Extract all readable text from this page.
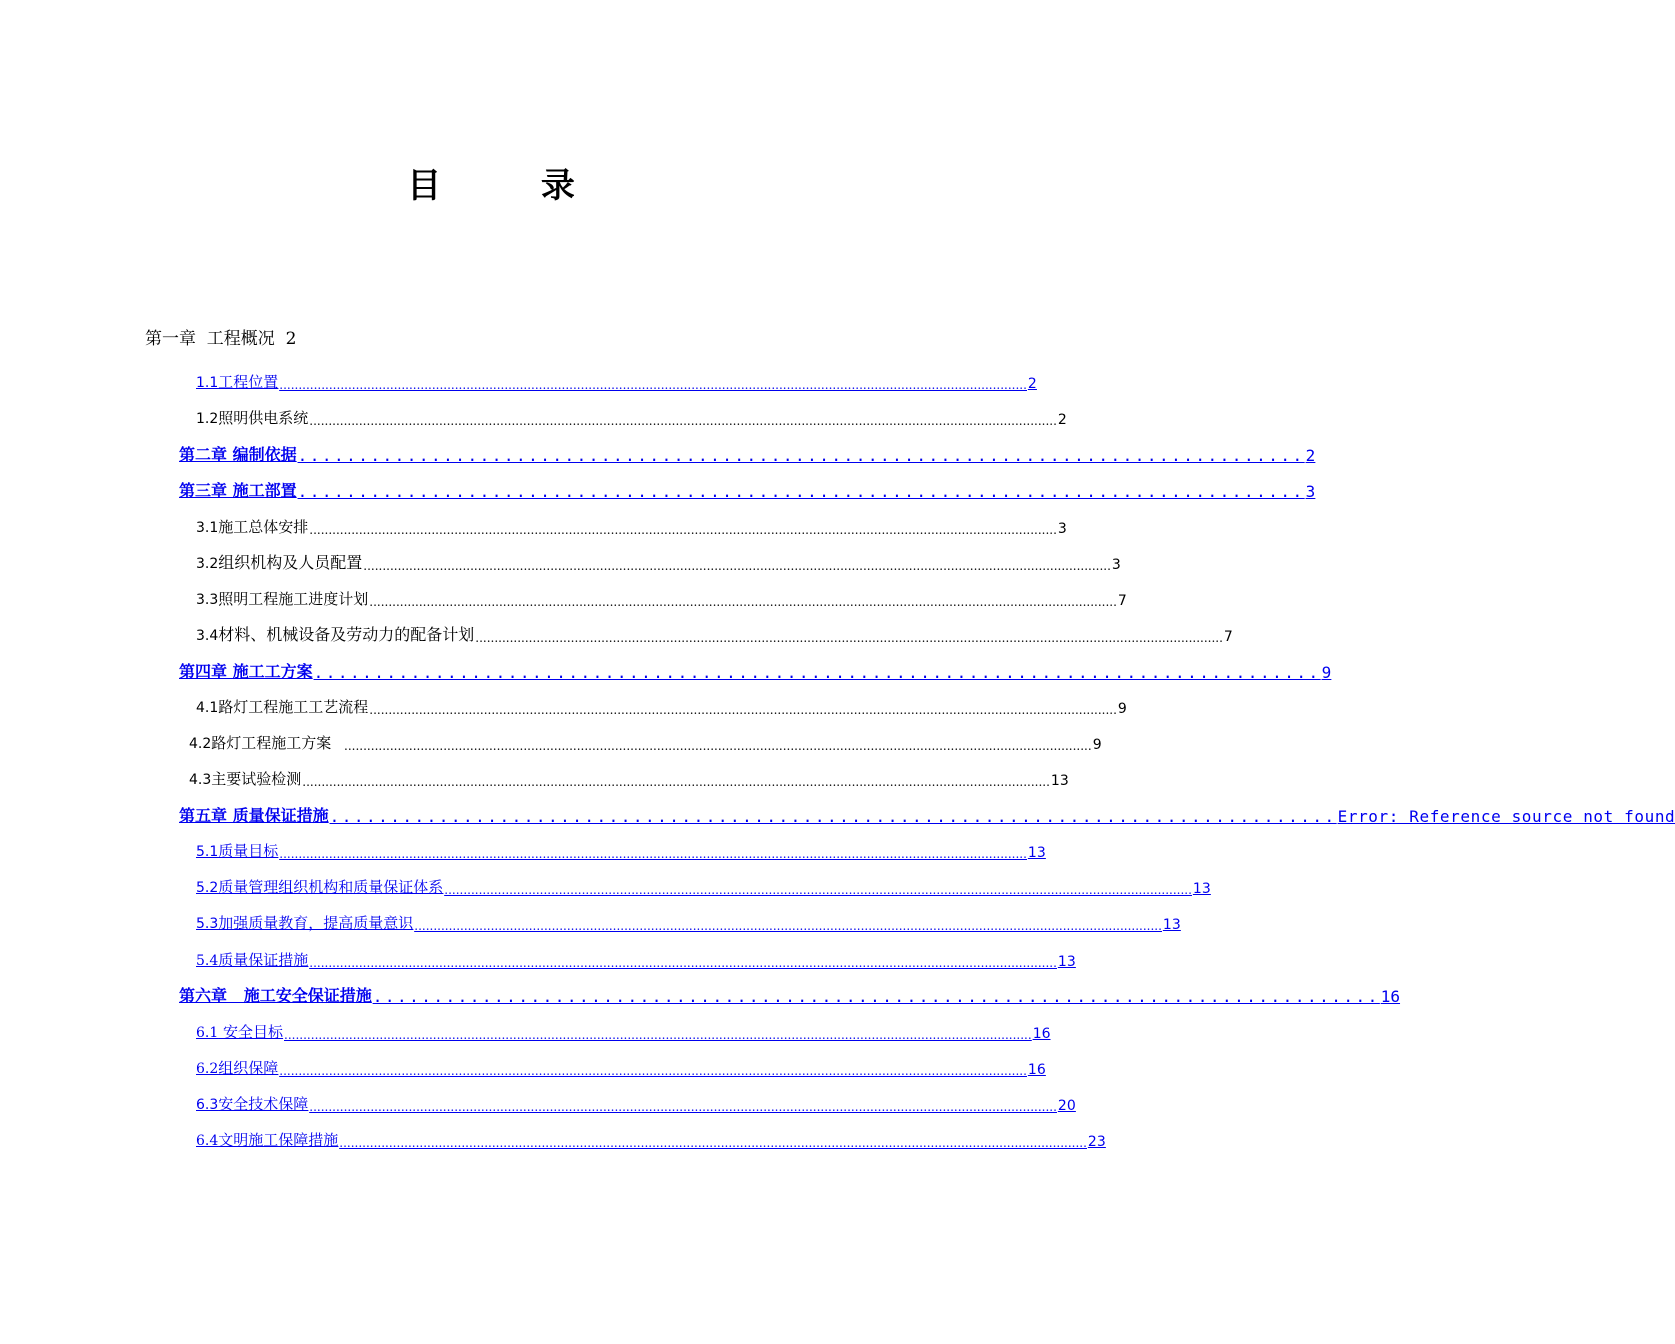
目 录
第一章  工程概况  2
1.1工程位置 .................................................................................................................................................................................................... 2
1.2照明供电系统 .................................................................................................................................................................................................... 2
第二章 编制依据 ................................................................................... 2
第三章 施工部置 ................................................................................... 3
3.1施工总体安排 .................................................................................................................................................................................................... 3
3.2组织机构及人员配置 .................................................................................................................................................................................................... 3
3.3照明工程施工进度计划 .................................................................................................................................................................................................... 7
3.4材料、机械设备及劳动力的配备计划 .................................................................................................................................................................................................... 7
第四章 施工工方案 ................................................................................... 9
4.1路灯工程施工工艺流程 .................................................................................................................................................................................................... 9
4.2路灯工程施工方案 .................................................................................................................................................................................................... 9
4.3主要试验检测 .................................................................................................................................................................................................... 13
第五章 质量保证措施 ................................................................................... Error: Reference source not found
5.1质量目标 .................................................................................................................................................................................................... 13
5.2质量管理组织机构和质量保证体系 .................................................................................................................................................................................................... 13
5.3加强质量教育，提高质量意识 .................................................................................................................................................................................................... 13
5.4质量保证措施 .................................................................................................................................................................................................... 13
第六章   施工安全保证措施 ................................................................................... 16
6.1 安全目标 .................................................................................................................................................................................................... 16
6.2组织保障 .................................................................................................................................................................................................... 16
6.3安全技术保障 .................................................................................................................................................................................................... 20
6.4文明施工保障措施 .................................................................................................................................................................................................... 23
